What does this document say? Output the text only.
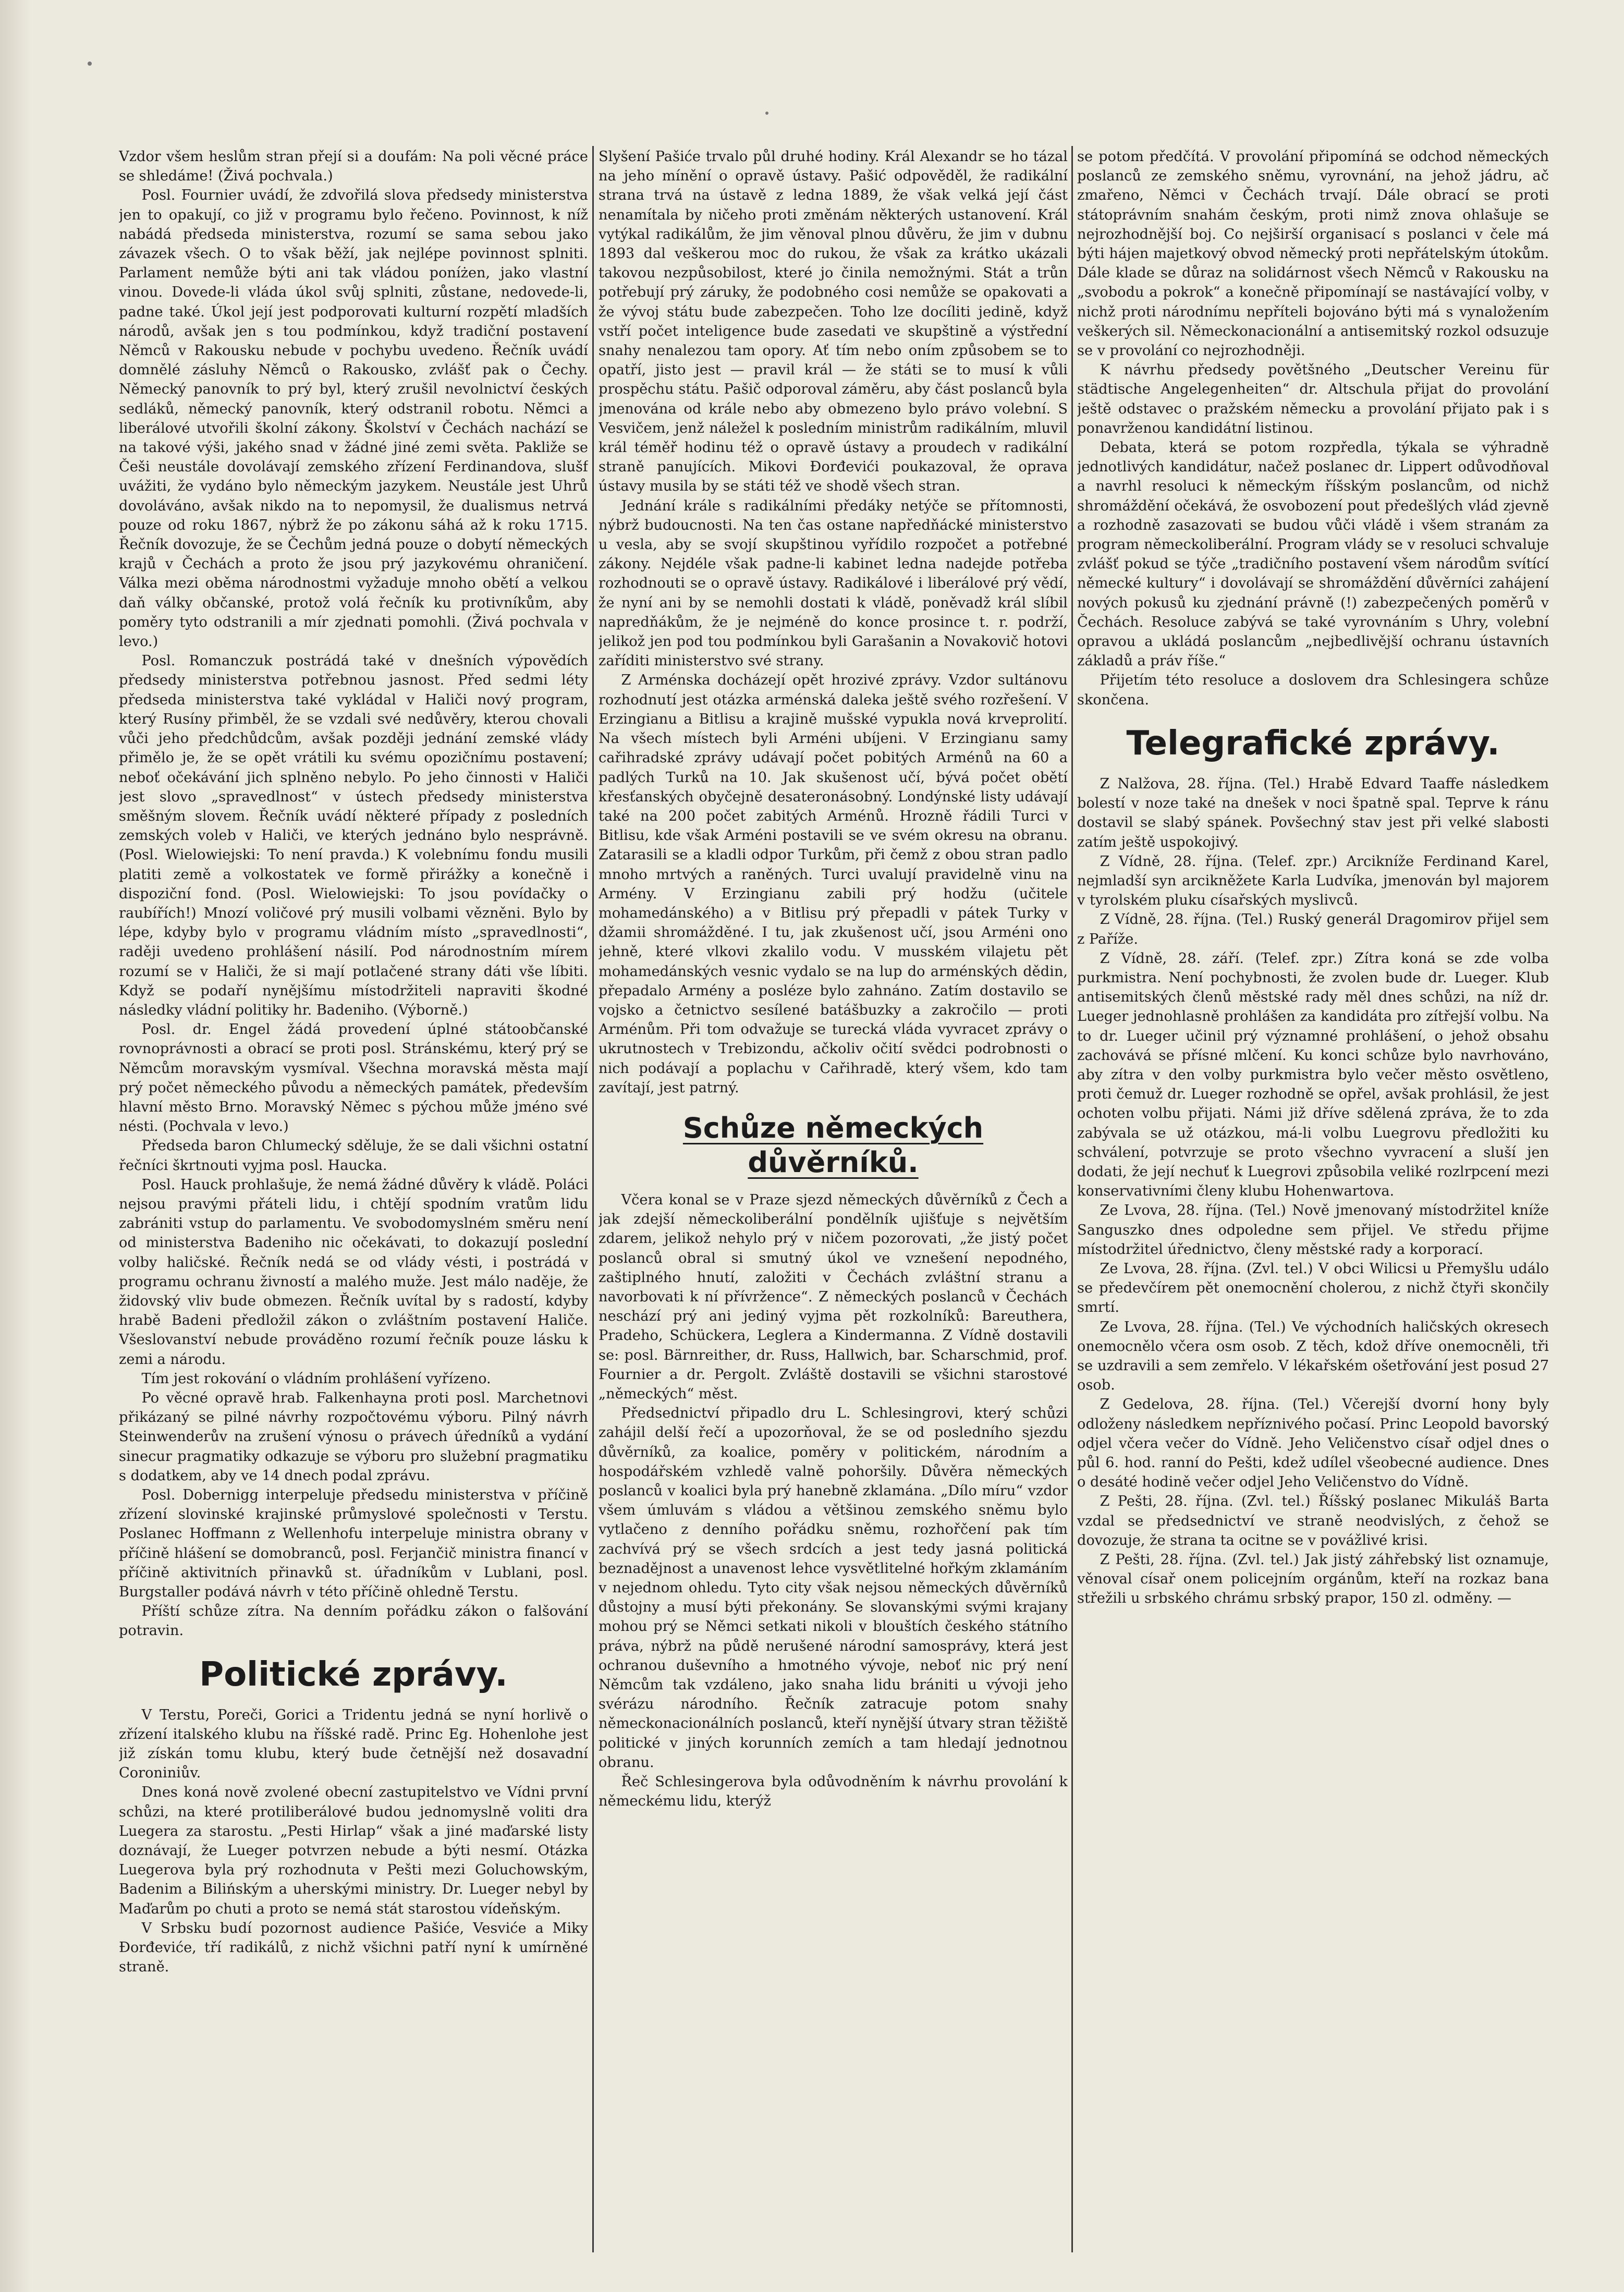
Vzdor všem heslům stran přejí si a doufám: Na poli věcné práce se shledáme! (Živá pochvala.)

Posl. Fournier uvádí, že zdvořilá slova předsedy ministerstva jen to opakují, co již v programu bylo řečeno. Povinnost, k níž nabádá předseda ministerstva, rozumí se sama sebou jako závazek všech. O to však běží, jak nejlépe povinnost splniti. Parlament nemůže býti ani tak vládou poníżen, jako vlastní vinou. Dovede-li vláda úkol svůj splniti, zůstane, nedovede-li, padne také. Úkol její jest podporovati kulturní rozpětí mladších národů, avšak jen s tou podmínkou, když tradiční postavení Němců v Rakousku nebude v pochybu uvedeno. Řečník uvádí domnělé zásluhy Němců o Rakousko, zvlášť pak o Čechy. Německý panovník to prý byl, který zrušil nevolnictví českých sedláků, německý panovník, který odstranil robotu. Němci a liberálové utvořili školní zákony. Školství v Čechách nachází se na takové výši, jakého snad v žádné jiné zemi světa. Pakliže se Češi neustále dovolávají zemského zřízení Ferdinandova, slušf uvážiti, že vydáno bylo německým jazykem. Neustále jest Uhrů dovoláváno, avšak nikdo na to nepomysil, že dualismus netrvá pouze od roku 1867, nýbrž že po zákonu sáhá až k roku 1715. Řečník dovozuje, že se Čechům jedná pouze o dobytí německých krajů v Čechách a proto že jsou prý jazykovému ohraničení. Válka mezi oběma národnostmi vyžaduje mnoho obětí a velkou daň války občanské, protož volá řečník ku protivníkům, aby poměry tyto odstranili a mír zjednati pomohli. (Živá pochvala v levo.)

Posl. Romanczuk postrádá také v dnešních výpovědích předsedy ministerstva potřebnou jasnost. Před sedmi léty předseda ministerstva také vykládal v Haliči nový program, který Rusíny přimběl, že se vzdali své nedůvěry, kterou chovali vůči jeho předchůdcům, avšak později jednání zemské vlády přimělo je, že se opět vrátili ku svému opozičnímu postavení; neboť očekávání jich splněno nebylo. Po jeho činnosti v Haliči jest slovo „spravedlnost“ v ústech předsedy ministerstva směšným slovem. Řečník uvádí některé případy z posledních zemských voleb v Haliči, ve kterých jednáno bylo nesprávně. (Posl. Wielowiejski: To není pravda.) K volebnímu fondu musili platiti země a volkostatek ve formě přirážky a konečně i dispoziční fond. (Posl. Wielowiejski: To jsou povídačky o raubířích!) Mnozí voličové prý musili volbami vězněni. Bylo by lépe, kdyby bylo v programu vládním místo „spravedlnosti“, raději uvedeno prohlášení násilí. Pod národnostním mírem rozumí se v Haliči, že si mají potlačené strany dáti vše líbiti. Když se podaří nynějšímu místodržiteli napraviti škodné následky vládní politiky hr. Badeniho. (Výborně.)

Posl. dr. Engel žádá provedení úplné státoobčanské rovnoprávnosti a obrací se proti posl. Stránskému, který prý se Němcům moravským vysmíval. Všechna moravská města mají prý počet německého původu a německých památek, především hlavní město Brno. Moravský Němec s pýchou může jméno své nésti. (Pochvala v levo.)

Předseda baron Chlumecký sděluje, že se dali všichni ostatní řečníci škrtnouti vyjma posl. Haucka.

Posl. Hauck prohlašuje, že nemá žádné důvěry k vládě. Poláci nejsou pravými přáteli lidu, i chtějí spodním vratům lidu zabrániti vstup do parlamentu. Ve svobodomyslném směru není od ministerstva Badeniho nic očekávati, to dokazují poslední volby haličské. Řečník nedá se od vlády vésti, i postrádá v programu ochranu živností a malého muže. Jest málo naděje, že židovský vliv bude obmezen. Řečník uvítal by s radostí, kdyby hrabě Badeni předložil zákon o zvláštním postavení Haliče. Všeslovanství nebude prováděno rozumí řečník pouze lásku k zemi a národu.

Tím jest rokování o vládním prohlášení vyřízeno.

Po věcné opravě hrab. Falkenhayna proti posl. Marchetnovi přikázaný se pilné návrhy rozpočtovému výboru. Pilný návrh Steinwenderův na zrušení výnosu o právech úředníků a vydání sinecur pragmatiky odkazuje se výboru pro služební pragmatiku s dodatkem, aby ve 14 dnech podal zprávu.

Posl. Dobernigg interpeluje předsedu ministerstva v příčině zřízení slovinské krajinské průmyslové společnosti v Terstu. Poslanec Hoffmann z Wellenhofu interpeluje ministra obrany v příčině hlášení se domobranců, posl. Ferjančič ministra financí v příčině aktivitních přinavků st. úřadníkům v Lublani, posl. Burgstaller podává návrh v této příčině ohledně Terstu.

Příští schůze zítra. Na denním pořádku zákon o falšování potravin.

Politické zprávy.

V Terstu, Poreči, Gorici a Tridentu jedná se nyní horlivě o zřízení italského klubu na říšské radě. Princ Eg. Hohenlohe jest již získán tomu klubu, který bude četnější než dosavadní Coroniniův.

Dnes koná nově zvolené obecní zastupitelstvo ve Vídni první schůzi, na které protiliberálové budou jednomyslně voliti dra Luegera za starostu. „Pesti Hirlap“ však a jiné maďarské listy doznávají, že Lueger potvrzen nebude a býti nesmí. Otázka Luegerova byla prý rozhodnuta v Pešti mezi Goluchowským, Badenim a Bilińským a uherskými ministry. Dr. Lueger nebyl by Maďarům po chuti a proto se nemá stát starostou vídeňským.

V Srbsku budí pozornost audience Pašiće, Vesviće a Miky Đorđeviće, tří radikálů, z nichž všichni patří nyní k umírněné straně.

Slyšení Pašiće trvalo půl druhé hodiny. Král Alexandr se ho tázal na jeho mínění o opravě ústavy. Pašić odpověděl, že radikální strana trvá na ústavě z ledna 1889, že však velká její část nenamítala by ničeho proti změnám některých ustanovení. Král vytýkal radikálům, že jim věnoval plnou důvěru, že jim v dubnu 1893 dal veškerou moc do rukou, že však za krátko ukázali takovou nezpůsobilost, které jo činila nemožnými. Stát a trůn potřebují prý záruky, že podobného cosi nemůže se opakovati a že vývoj státu bude zabezpečen. Toho lze docíliti jedině, když vstří počet inteligence bude zasedati ve skupštině a výstřední snahy nenalezou tam opory. Ať tím nebo oním způsobem se to opatří, jisto jest — pravil král — že státi se to musí k vůli prospěchu státu. Pašič odporoval záměru, aby část poslanců byla jmenována od krále nebo aby obmezeno bylo právo volební. S Vesvičem, jenž náležel k posledním ministrům radikálním, mluvil král téměř hodinu též o opravě ústavy a proudech v radikální straně panujících. Mikovi Đorđevići poukazoval, že oprava ústavy musila by se státi též ve shodě všech stran.

Jednání krále s radikálními předáky netýče se přítomnosti, nýbrž budoucnosti. Na ten čas ostane napředňácké ministerstvo u vesla, aby se svojí skupštinou vyřídilo rozpočet a potřebné zákony. Nejdéle však padne-li kabinet ledna nadejde potřeba rozhodnouti se o opravě ústavy. Radikálové i liberálové prý vědí, že nyní ani by se nemohli dostati k vládě, poněvadž král slíbil napredňákům, že je nejméně do konce prosince t. r. podrží, jelikož jen pod tou podmínkou byli Garašanin a Novakovič hotovi zaříditi ministerstvo své strany.

Z Arménska docházejí opět hrozivé zprávy. Vzdor sultánovu rozhodnutí jest otázka arménská daleka ještě svého rozřešení. V Erzingianu a Bitlisu a krajině mušské vypukla nová krveprolití. Na všech místech byli Arméni ubíjeni. V Erzingianu samy cařihradské zprávy udávají počet pobitých Arménů na 60 a padlých Turků na 10. Jak skušenost učí, bývá počet obětí křesťanských obyčejně desateronásobný. Londýnské listy udávají také na 200 počet zabitých Arménů. Hrozně řádili Turci v Bitlisu, kde však Arméni postavili se ve svém okresu na obranu. Zatarasili se a kladli odpor Turkům, při čemž z obou stran padlo mnoho mrtvých a raněných. Turci uvalují pravidelně vinu na Armény. V Erzingianu zabili prý hodžu (učitele mohamedánského) a v Bitlisu prý přepadli v pátek Turky v džamii shromážděné. I tu, jak zkušenost učí, jsou Arméni ono jehně, které vlkovi zkalilo vodu. V musském vilajetu pět mohamedánských vesnic vydalo se na lup do arménských dědin, přepadalo Armény a posléze bylo zahnáno. Zatím dostavilo se vojsko a četnictvo sesílené batášbuzky a zakročilo — proti Arménům. Při tom odvažuje se turecká vláda vyvracet zprávy o ukrutnostech v Trebizondu, ačkoliv očití svědci podrobnosti o nich podávají a poplachu v Cařihradě, který všem, kdo tam zavítají, jest patrný.

Schůze německých důvěrníků.

Včera konal se v Praze sjezd německých důvěrníků z Čech a jak zdejší německoliberální pondělník ujišťuje s největším zdarem, jelikož nehylo prý v ničem pozorovati, „že jistý počet poslanců obral si smutný úkol ve vznešení nepodného, zaštiplného hnutí, založiti v Čechách zvláštní stranu a navorbovati k ní přívržence“. Z německých poslanců v Čechách neschází prý ani jediný vyjma pět rozkolníků: Bareuthera, Pradeho, Schückera, Leglera a Kindermanna. Z Vídně dostavili se: posl. Bärnreither, dr. Russ, Hallwich, bar. Scharschmid, prof. Fournier a dr. Pergolt. Zvláště dostavili se všichni starostové „německých“ měst.

Předsednictví připadlo dru L. Schlesingrovi, který schůzi zahájil delší řečí a upozorňoval, že se od posledního sjezdu důvěrníků, za koalice, poměry v politickém, národním a hospodářském vzhledě valně pohoršily. Důvěra německých poslanců v koalici byla prý hanebně zklamána. „Dílo míru“ vzdor všem úmluvám s vládou a většinou zemského sněmu bylo vytlačeno z denního pořádku sněmu, rozhořčení pak tím zachvívá prý se všech srdcích a jest tedy jasná politická beznadějnost a unavenost lehce vysvětlitelné hořkým zklamáním v nejednom ohledu. Tyto city však nejsou německých důvěrníků důstojny a musí býti překonány. Se slovanskými svými krajany mohou prý se Němci setkati nikoli v blouštích českého státního práva, nýbrž na půdě nerušené národní samosprávy, která jest ochranou duševního a hmotného vývoje, neboť nic prý není Němcům tak vzdáleno, jako snaha lidu brániti u vývoji jeho svérázu národního. Řečník zatracuje potom snahy německonacionálních poslanců, kteří nynější útvary stran těžiště politické v jiných korunních zemích a tam hledají jednotnou obranu.

Řeč Schlesingerova byla odůvodněním k návrhu provolání k německému lidu, kterýž

se potom předčítá. V provolání připomíná se odchod německých poslanců ze zemského sněmu, vyrovnání, na jehož jádru, ač zmařeno, Němci v Čechách trvají. Dále obrací se proti státoprávním snahám českým, proti nimž znova ohlašuje se nejrozhodnější boj. Co nejširší organisací s poslanci v čele má býti hájen majetkový obvod německý proti nepřátelským útokům. Dále klade se důraz na solidárnost všech Němců v Rakousku na „svobodu a pokrok“ a konečně připomínají se nastávající volby, v nichž proti národnímu nepříteli bojováno býti má s vynaložením veškerých sil. Německonacionální a antisemitský rozkol odsuzuje se v provolání co nejrozhodněji.

K návrhu předsedy povětšného „Deutscher Vereinu für städtische Angelegenheiten“ dr. Altschula přijat do provolání ještě odstavec o pražském německu a provolání přijato pak i s ponavrženou kandidátní listinou.

Debata, která se potom rozpředla, týkala se výhradně jednotlivých kandidátur, načež poslanec dr. Lippert odůvodňoval a navrhl resoluci k německým říšským poslancům, od nichž shromáždění očekává, že osvobození pout předešlých vlád zjevně a rozhodně zasazovati se budou vůči vládě i všem stranám za program německoliberální. Program vlády se v resoluci schvaluje zvlášť pokud se týče „tradičního postavení všem národům svítící německé kultury“ i dovolávají se shromáždění důvěrníci zahájení nových pokusů ku zjednání právně (!) zabezpečených poměrů v Čechách. Resoluce zabývá se také vyrovnáním s Uhry, volební opravou a ukládá poslancům „nejbedlivější ochranu ústavních základů a práv říše.“

Přijetím této resoluce a doslovem dra Schlesingera schůze skončena.

Telegrafické zprávy.

Z Nalžova, 28. října. (Tel.) Hrabě Edvard Taaffe následkem bolestí v noze také na dnešek v noci špatně spal. Teprve k ránu dostavil se slabý spánek. Povšechný stav jest při velké slabosti zatím ještě uspokojivý.

Z Vídně, 28. října. (Telef. zpr.) Arcikníže Ferdinand Karel, nejmladší syn arcikněžete Karla Ludvíka, jmenován byl majorem v tyrolském pluku císařských myslivců.

Z Vídně, 28. října. (Tel.) Ruský generál Dragomirov přijel sem z Paříže.

Z Vídně, 28. září. (Telef. zpr.) Zítra koná se zde volba purkmistra. Není pochybnosti, že zvolen bude dr. Lueger. Klub antisemitských členů městské rady měl dnes schůzi, na níž dr. Lueger jednohlasně prohlášen za kandidáta pro zítřejší volbu. Na to dr. Lueger učinil prý významné prohlášení, o jehož obsahu zachovává se přísné mlčení. Ku konci schůze bylo navrhováno, aby zítra v den volby purkmistra bylo večer město osvětleno, proti čemuž dr. Lueger rozhodně se opřel, avšak prohlásil, že jest ochoten volbu přijati. Námi již dříve sdělená zpráva, že to zda zabývala se už otázkou, má-li volbu Luegrovu předložiti ku schválení, potvrzuje se proto všechno vyvracení a sluší jen dodati, že její nechuť k Luegrovi způsobila veliké rozlrpcení mezi konservativními členy klubu Hohenwartova.

Ze Lvova, 28. října. (Tel.) Nově jmenovaný místodržitel kníže Sanguszko dnes odpoledne sem přijel. Ve středu přijme místodržitel úřednictvo, členy městské rady a korporací.

Ze Lvova, 28. října. (Zvl. tel.) V obci Wilicsi u Přemyšlu událo se předevčírem pět onemocnění cholerou, z nichž čtyři skončily smrtí.

Ze Lvova, 28. října. (Tel.) Ve východních haličských okresech onemocnělo včera osm osob. Z těch, kdož dříve onemocněli, tři se uzdravili a sem zemřelo. V lékařském ošetřování jest posud 27 osob.

Z Gedelova, 28. října. (Tel.) Včerejší dvorní hony byly odloženy následkem nepříznivého počasí. Princ Leopold bavorský odjel včera večer do Vídně. Jeho Veličenstvo císař odjel dnes o půl 6. hod. ranní do Pešti, kdež udílel všeobecné audience. Dnes o desáté hodině večer odjel Jeho Veličenstvo do Vídně.

Z Pešti, 28. října. (Zvl. tel.) Říšský poslanec Mikuláš Barta vzdal se předsednictví ve straně neodvislých, z čehož se dovozuje, že strana ta ocitne se v povážlivé krisi.

Z Pešti, 28. října. (Zvl. tel.) Jak jistý záhřebský list oznamuje, věnoval císař onem policejním orgánům, kteří na rozkaz bana střežili u srbského chrámu srbský prapor, 150 zl. odměny. —
